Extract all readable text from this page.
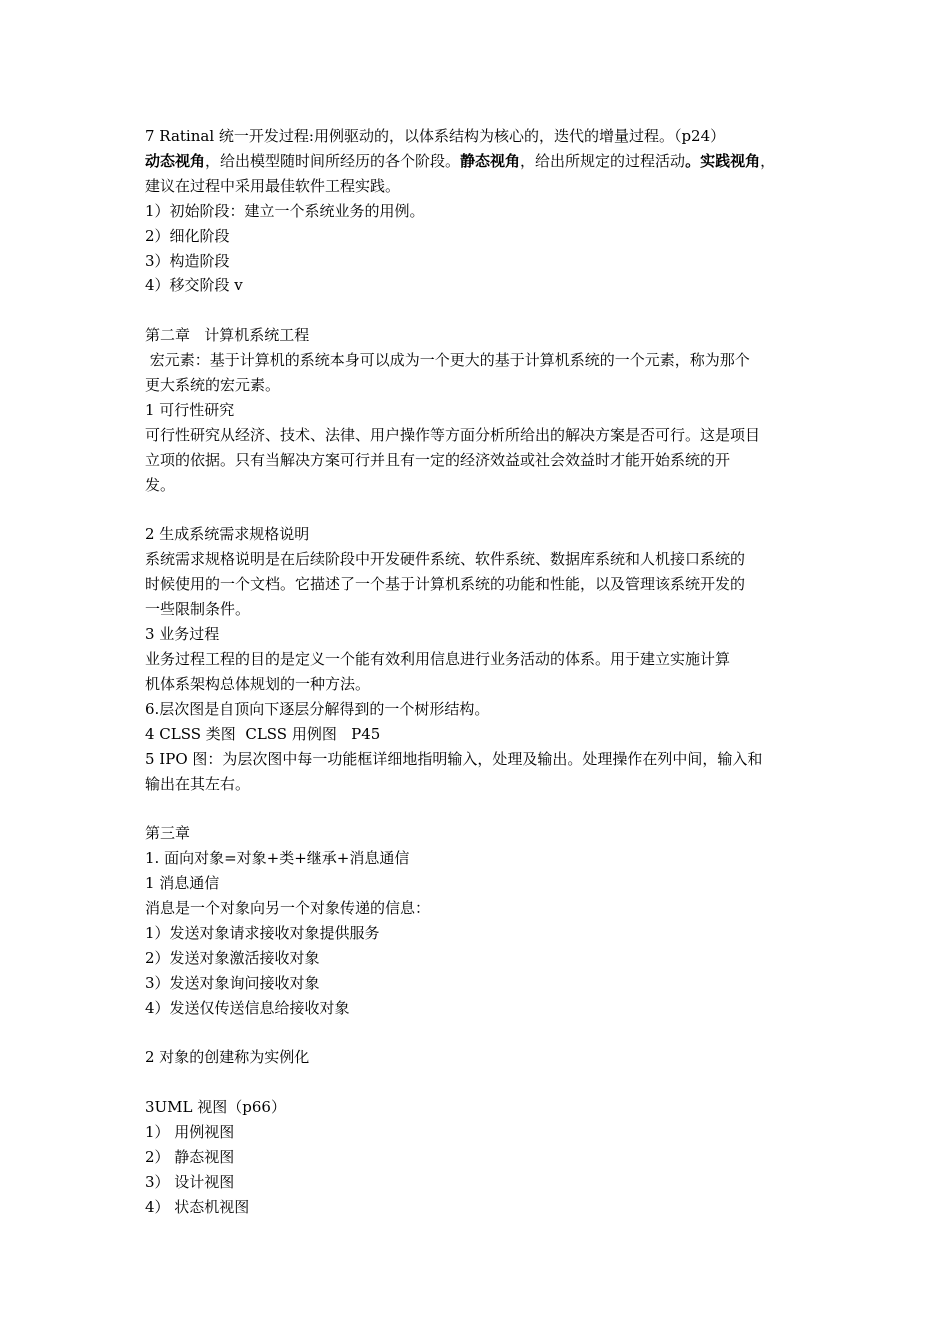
7 Ratinal 统一开发过程:用例驱动的，以体系结构为核心的，迭代的增量过程。（p24）

动态视角，给出模型随时间所经历的各个阶段。静态视角，给出所规定的过程活动。实践视角，

建议在过程中采用最佳软件工程实践。

1）初始阶段：建立一个系统业务的用例。

2）细化阶段

3）构造阶段

4）移交阶段 v

第二章   计算机系统工程

宏元素：基于计算机的系统本身可以成为一个更大的基于计算机系统的一个元素，称为那个

更大系统的宏元素。

1 可行性研究

可行性研究从经济、技术、法律、用户操作等方面分析所给出的解决方案是否可行。这是项目

立项的依据。只有当解决方案可行并且有一定的经济效益或社会效益时才能开始系统的开

发。

2 生成系统需求规格说明

系统需求规格说明是在后续阶段中开发硬件系统、软件系统、数据库系统和人机接口系统的

时候使用的一个文档。它描述了一个基于计算机系统的功能和性能，以及管理该系统开发的

一些限制条件。

3 业务过程

业务过程工程的目的是定义一个能有效利用信息进行业务活动的体系。用于建立实施计算

机体系架构总体规划的一种方法。

6.层次图是自顶向下逐层分解得到的一个树形结构。

4 CLSS 类图  CLSS 用例图   P45

5 IPO 图：为层次图中每一功能框详细地指明输入，处理及输出。处理操作在列中间，输入和

输出在其左右。

第三章

1. 面向对象=对象+类+继承+消息通信

1 消息通信

消息是一个对象向另一个对象传递的信息：

1）发送对象请求接收对象提供服务

2）发送对象激活接收对象

3）发送对象询问接收对象

4）发送仅传送信息给接收对象

2 对象的创建称为实例化

3UML 视图（p66）

1） 用例视图

2） 静态视图

3） 设计视图

4） 状态机视图
